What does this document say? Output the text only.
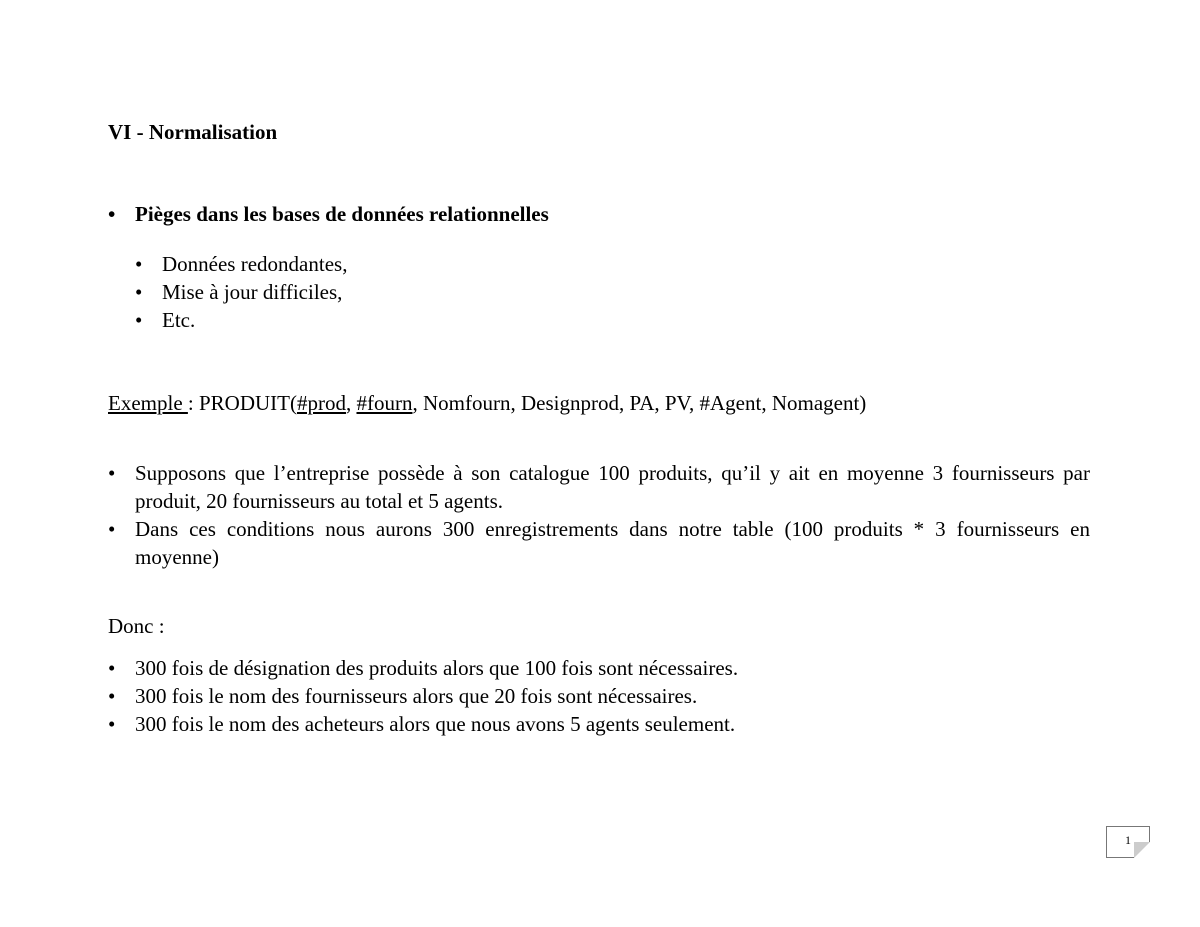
VI - Normalisation
• Pièges dans les bases de données relationnelles
• Données redondantes,
• Mise à jour difficiles,
• Etc.

Exemple : PRODUIT(#prod, #fourn, Nomfourn, Designprod, PA, PV, #Agent, Nomagent)

• Supposons que l’entreprise possède à son catalogue 100 produits, qu’il y ait en moyenne 3 fournisseurs par produit, 20 fournisseurs au total et 5 agents.
• Dans ces conditions nous aurons 300 enregistrements dans notre table (100 produits * 3 fournisseurs en moyenne)

Donc :

• 300 fois de désignation des produits alors que 100 fois sont nécessaires.
• 300 fois le nom des fournisseurs alors que 20 fois sont nécessaires.
• 300 fois le nom des acheteurs alors que nous avons 5 agents seulement.
1
